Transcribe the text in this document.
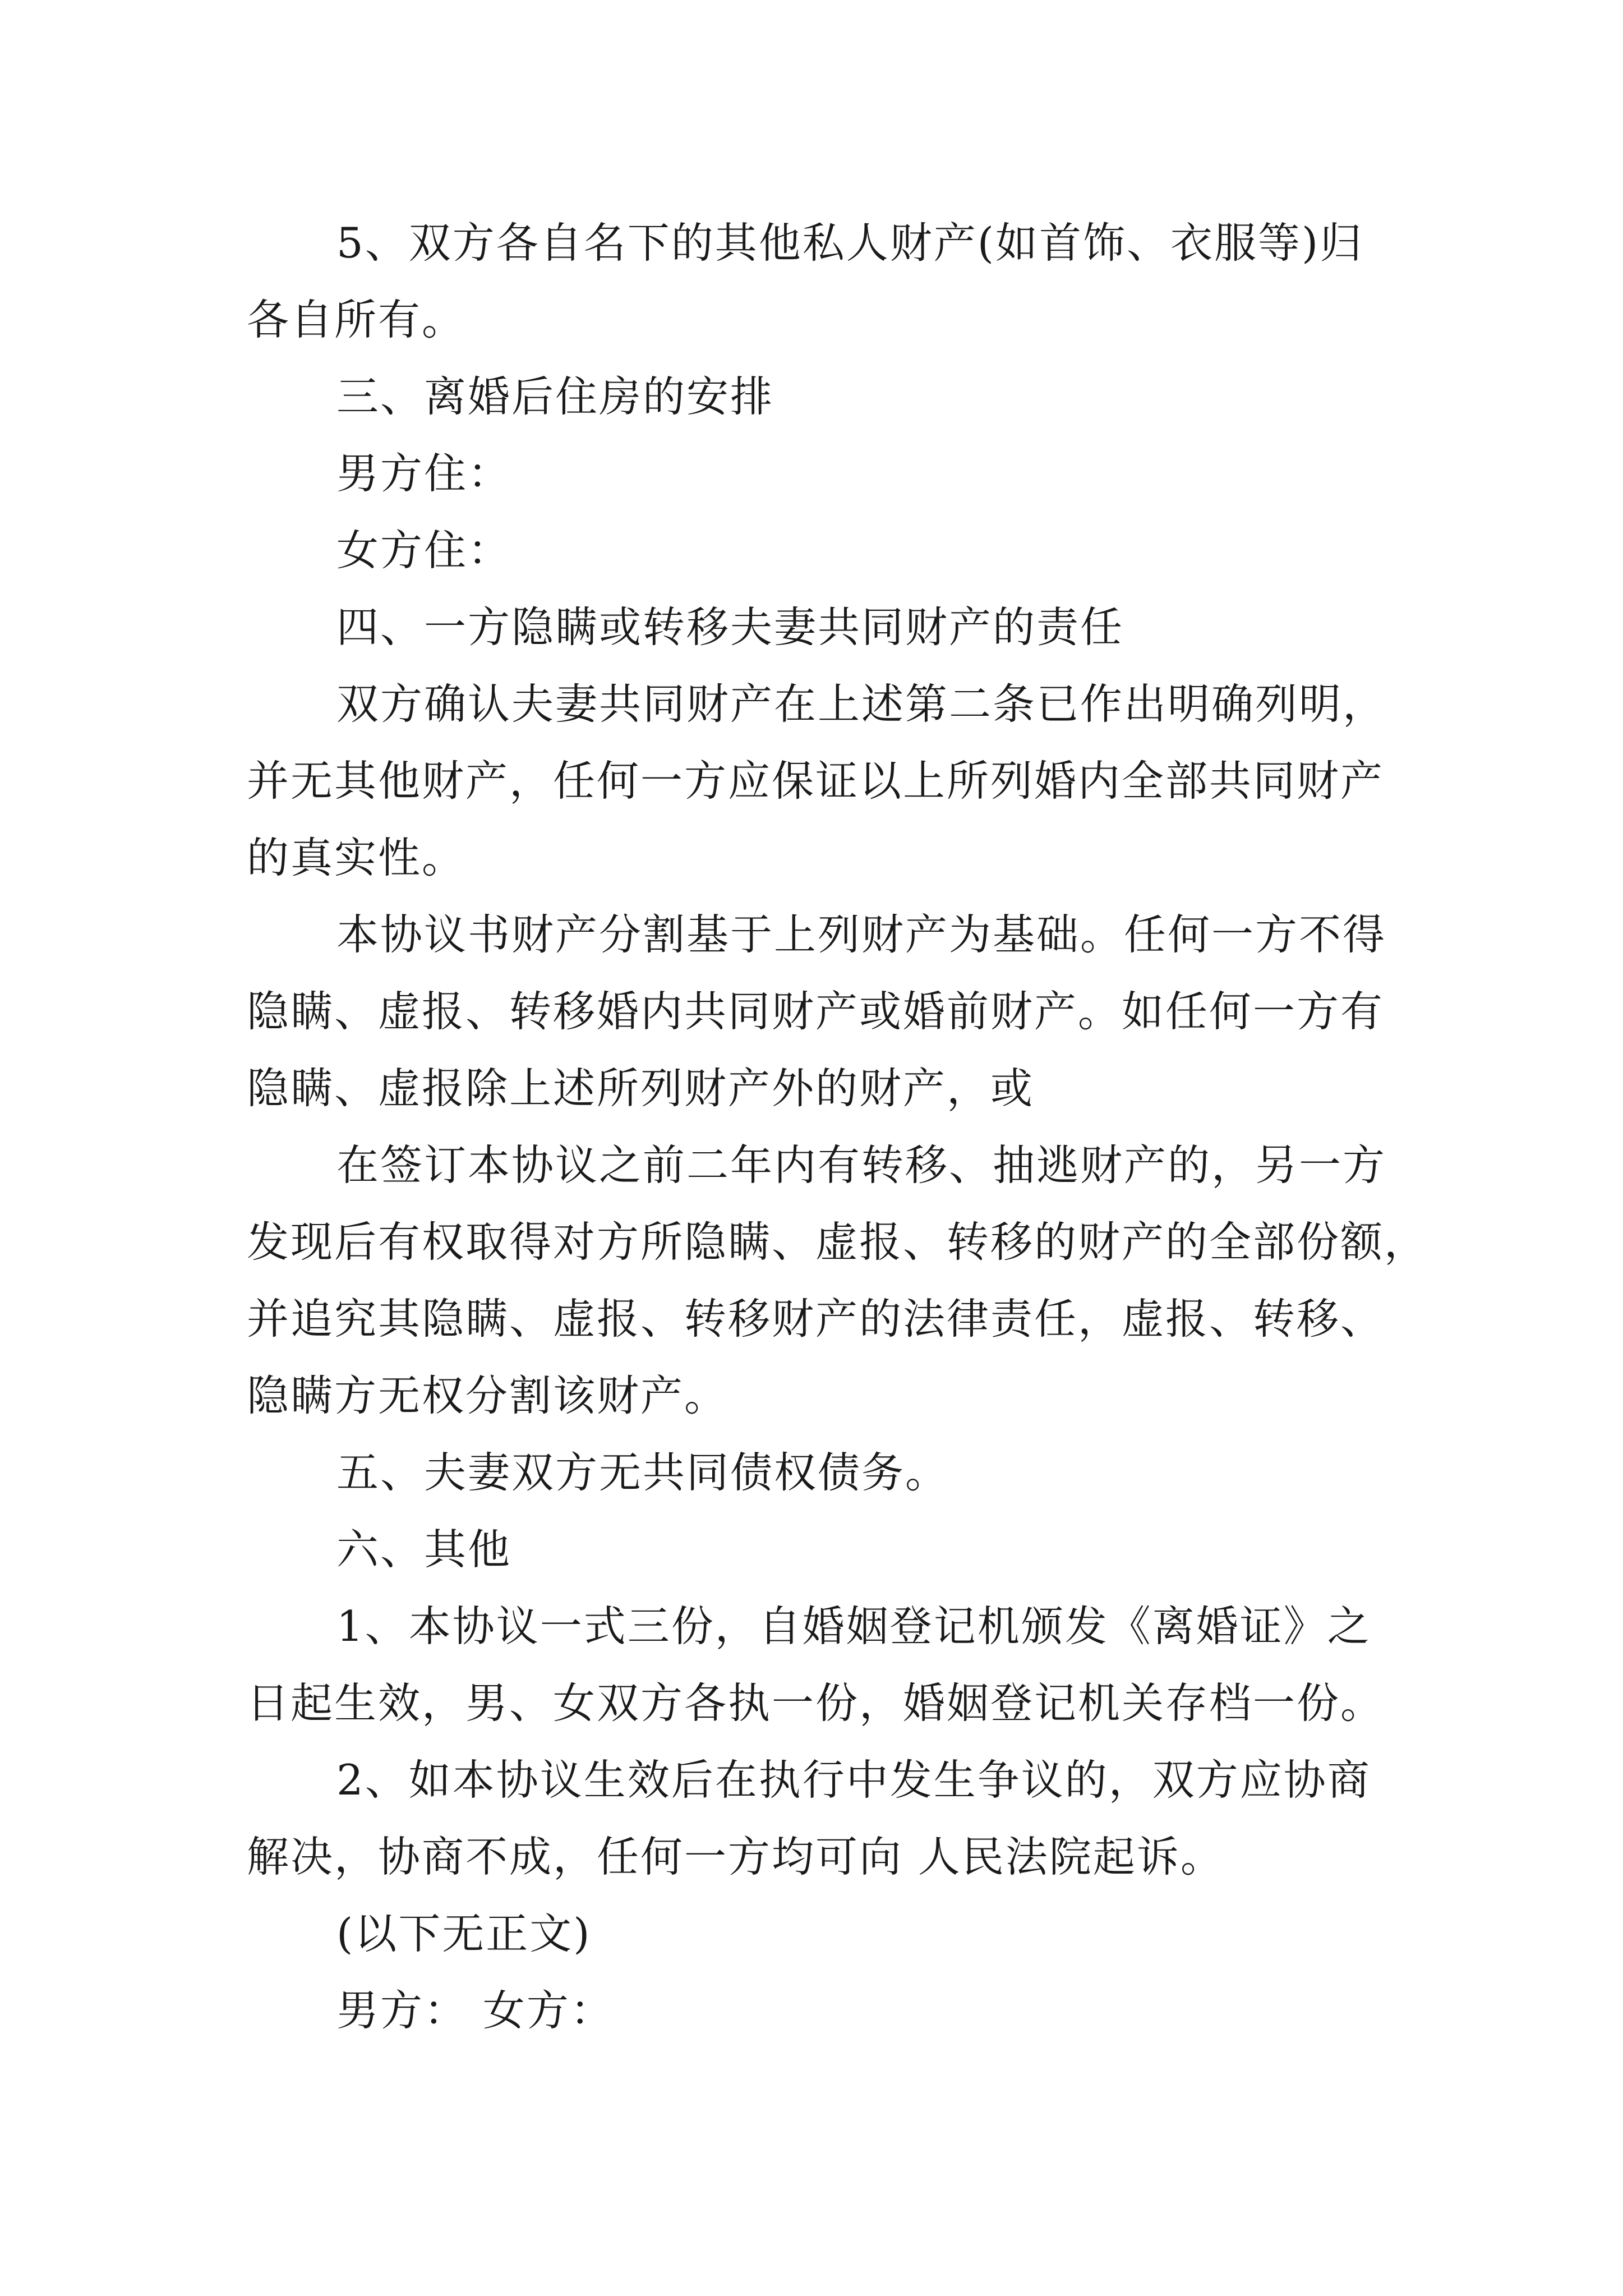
5、双方各自名下的其他私人财产(如首饰、衣服等)归
各自所有。
三、离婚后住房的安排
男方住：
女方住：
四、一方隐瞒或转移夫妻共同财产的责任
双方确认夫妻共同财产在上述第二条已作出明确列明，
并无其他财产，任何一方应保证以上所列婚内全部共同财产
的真实性。
本协议书财产分割基于上列财产为基础。任何一方不得
隐瞒、虚报、转移婚内共同财产或婚前财产。如任何一方有
隐瞒、虚报除上述所列财产外的财产，或
在签订本协议之前二年内有转移、抽逃财产的，另一方
发现后有权取得对方所隐瞒、虚报、转移的财产的全部份额，
并追究其隐瞒、虚报、转移财产的法律责任，虚报、转移、
隐瞒方无权分割该财产。
五、夫妻双方无共同债权债务。
六、其他
1、本协议一式三份，自婚姻登记机颁发《离婚证》之
日起生效，男、女双方各执一份，婚姻登记机关存档一份。
2、如本协议生效后在执行中发生争议的，双方应协商
解决，协商不成，任何一方均可向 人民法院起诉。
(以下无正文)
男方： 女方：
